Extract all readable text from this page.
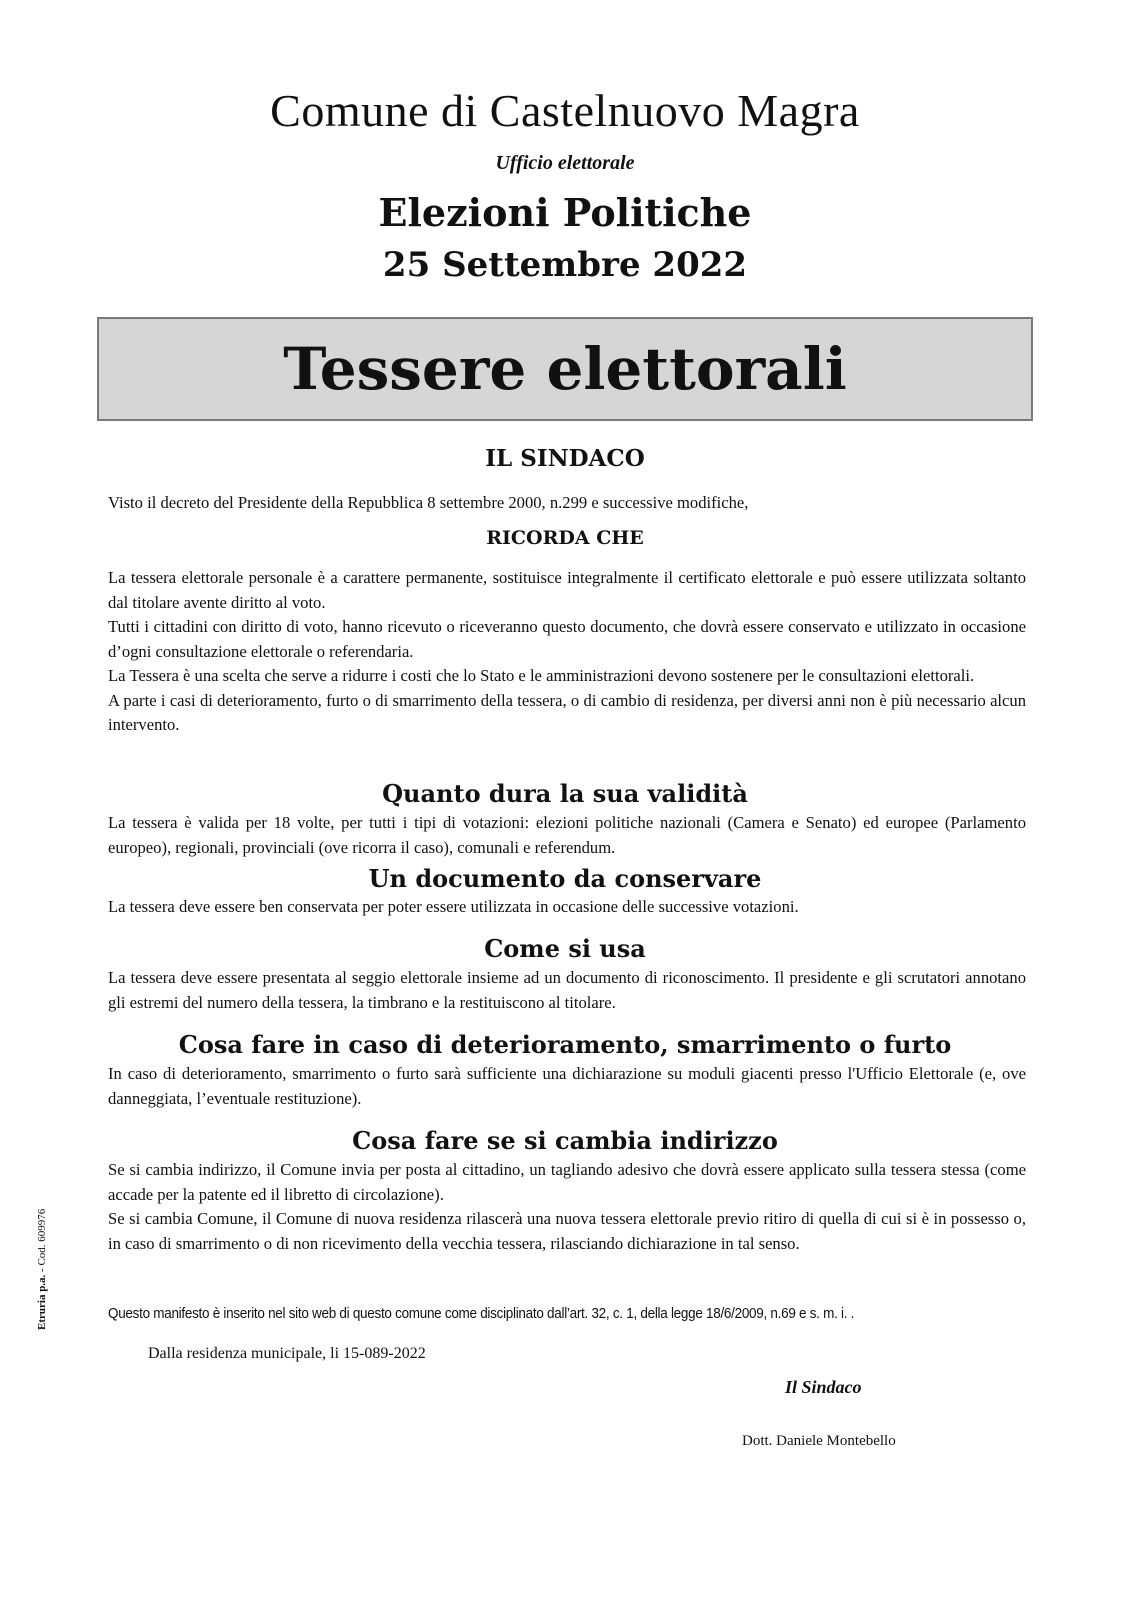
Comune di Castelnuovo Magra
Ufficio elettorale
Elezioni Politiche
25 Settembre 2022
Tessere elettorali
IL SINDACO
Visto il decreto del Presidente della Repubblica 8 settembre 2000, n.299 e successive modifiche,
RICORDA CHE

La tessera elettorale personale è a carattere permanente, sostituisce integralmente il certificato elettorale e può essere utilizzata soltanto dal titolare avente diritto al voto.

Tutti i cittadini con diritto di voto, hanno ricevuto o riceveranno questo documento, che dovrà essere conservato e utilizzato in occasione d’ogni consultazione elettorale o referendaria.

La Tessera è una scelta che serve a ridurre i costi che lo Stato e le amministrazioni devono sostenere per le consultazioni elettorali.

A parte i casi di deterioramento, furto o di smarrimento della tessera, o di cambio di residenza, per diversi anni non è più necessario alcun intervento.

Quanto dura la sua validità
La tessera è valida per 18 volte, per tutti i tipi di votazioni: elezioni politiche nazionali (Camera e Senato) ed europee (Parlamento europeo), regionali, provinciali (ove ricorra il caso), comunali e referendum.
Un documento da conservare
La tessera deve essere ben conservata per poter essere utilizzata in occasione delle successive votazioni.
Come si usa
La tessera deve essere presentata al seggio elettorale insieme ad un documento di riconoscimento. Il presidente e gli scrutatori annotano gli estremi del numero della tessera, la timbrano e la restituiscono al titolare.
Cosa fare in caso di deterioramento, smarrimento o furto
In caso di deterioramento, smarrimento o furto sarà sufficiente una dichiarazione su moduli giacenti presso l'Ufficio Elettorale (e, ove danneggiata, l’eventuale restituzione).
Cosa fare se si cambia indirizzo

Se si cambia indirizzo, il Comune invia per posta al cittadino, un tagliando adesivo che dovrà essere applicato sulla tessera stessa (come accade per la patente ed il libretto di circolazione).

Se si cambia Comune, il Comune di nuova residenza rilascerà una nuova tessera elettorale previo ritiro di quella di cui si è in possesso o, in caso di smarrimento o di non ricevimento della vecchia tessera, rilasciando dichiarazione in tal senso.

Questo manifesto è inserito nel sito web di questo comune come disciplinato dall’art. 32, c. 1, della legge 18/6/2009, n.69 e s. m. i. .
Dalla residenza municipale, li 15-089-2022
Il Sindaco
Dott. Daniele Montebello
Etruria p.a. - Cod. 609976
